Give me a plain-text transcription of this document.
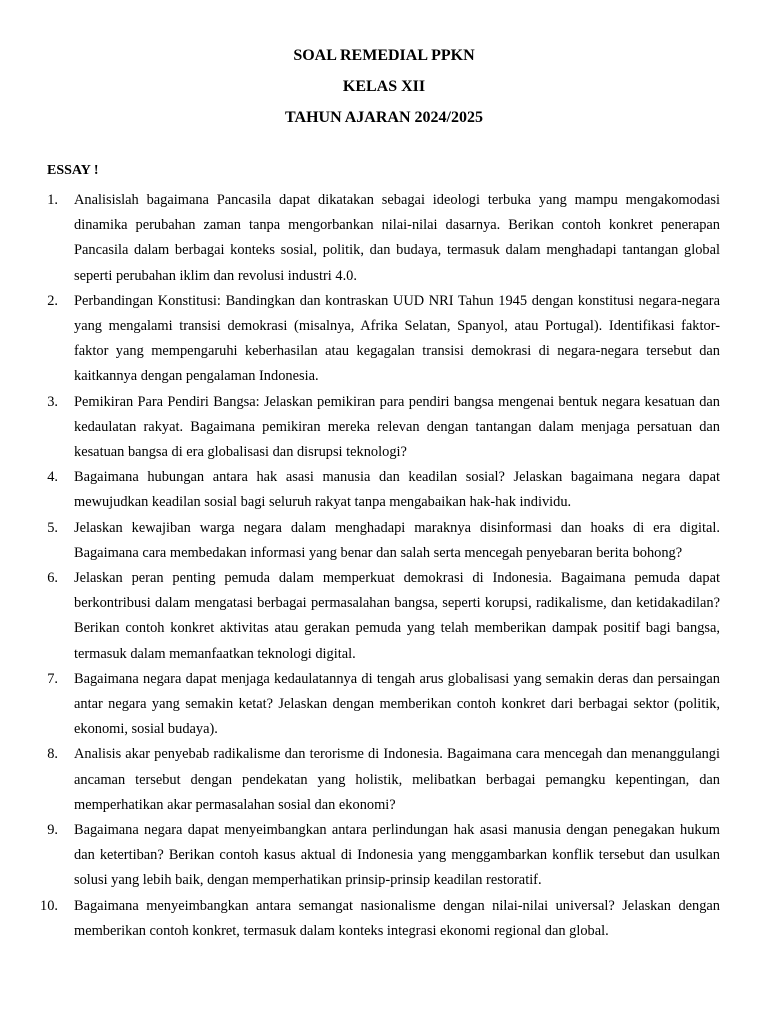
SOAL REMEDIAL PPKN

KELAS XII

TAHUN AJARAN 2024/2025

ESSAY !

1. Analisislah bagaimana Pancasila dapat dikatakan sebagai ideologi terbuka yang mampu mengakomodasi dinamika perubahan zaman tanpa mengorbankan nilai-nilai dasarnya. Berikan contoh konkret penerapan Pancasila dalam berbagai konteks sosial, politik, dan budaya, termasuk dalam menghadapi tantangan global seperti perubahan iklim dan revolusi industri 4.0.
2. Perbandingan Konstitusi: Bandingkan dan kontraskan UUD NRI Tahun 1945 dengan konstitusi negara-negara yang mengalami transisi demokrasi (misalnya, Afrika Selatan, Spanyol, atau Portugal). Identifikasi faktor-faktor yang mempengaruhi keberhasilan atau kegagalan transisi demokrasi di negara-negara tersebut dan kaitkannya dengan pengalaman Indonesia.
3. Pemikiran Para Pendiri Bangsa: Jelaskan pemikiran para pendiri bangsa mengenai bentuk negara kesatuan dan kedaulatan rakyat. Bagaimana pemikiran mereka relevan dengan tantangan dalam menjaga persatuan dan kesatuan bangsa di era globalisasi dan disrupsi teknologi?
4. Bagaimana hubungan antara hak asasi manusia dan keadilan sosial? Jelaskan bagaimana negara dapat mewujudkan keadilan sosial bagi seluruh rakyat tanpa mengabaikan hak-hak individu.
5. Jelaskan kewajiban warga negara dalam menghadapi maraknya disinformasi dan hoaks di era digital. Bagaimana cara membedakan informasi yang benar dan salah serta mencegah penyebaran berita bohong?
6. Jelaskan peran penting pemuda dalam memperkuat demokrasi di Indonesia. Bagaimana pemuda dapat berkontribusi dalam mengatasi berbagai permasalahan bangsa, seperti korupsi, radikalisme, dan ketidakadilan? Berikan contoh konkret aktivitas atau gerakan pemuda yang telah memberikan dampak positif bagi bangsa, termasuk dalam memanfaatkan teknologi digital.
7. Bagaimana negara dapat menjaga kedaulatannya di tengah arus globalisasi yang semakin deras dan persaingan antar negara yang semakin ketat? Jelaskan dengan memberikan contoh konkret dari berbagai sektor (politik, ekonomi, sosial budaya).
8. Analisis akar penyebab radikalisme dan terorisme di Indonesia. Bagaimana cara mencegah dan menanggulangi ancaman tersebut dengan pendekatan yang holistik, melibatkan berbagai pemangku kepentingan, dan memperhatikan akar permasalahan sosial dan ekonomi?
9. Bagaimana negara dapat menyeimbangkan antara perlindungan hak asasi manusia dengan penegakan hukum dan ketertiban? Berikan contoh kasus aktual di Indonesia yang menggambarkan konflik tersebut dan usulkan solusi yang lebih baik, dengan memperhatikan prinsip-prinsip keadilan restoratif.
10. Bagaimana menyeimbangkan antara semangat nasionalisme dengan nilai-nilai universal? Jelaskan dengan memberikan contoh konkret, termasuk dalam konteks integrasi ekonomi regional dan global.
